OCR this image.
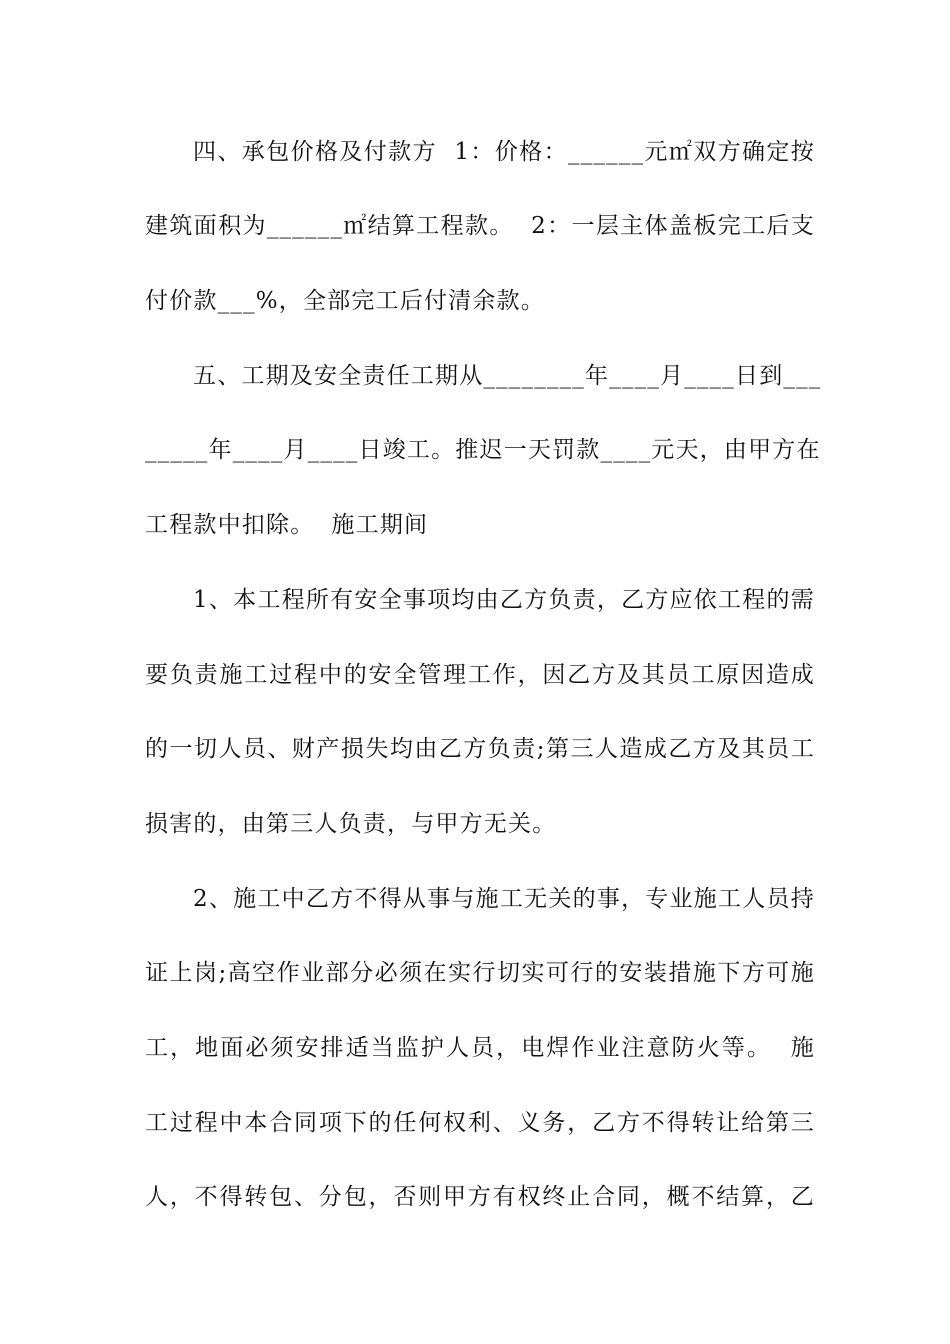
四、承包价格及付款方  1：价格：______元㎡双方确定按
建筑面积为______㎡结算工程款。  2：一层主体盖板完工后支
付价款___%，全部完工后付清余款。
五、工期及安全责任工期从________年____月____日到___
_____年____月____日竣工。推迟一天罚款____元天，由甲方在
工程款中扣除。  施工期间
1、本工程所有安全事项均由乙方负责，乙方应依工程的需
要负责施工过程中的安全管理工作，因乙方及其员工原因造成
的一切人员、财产损失均由乙方负责;第三人造成乙方及其员工
损害的，由第三人负责，与甲方无关。
2、施工中乙方不得从事与施工无关的事，专业施工人员持
证上岗;高空作业部分必须在实行切实可行的安装措施下方可施
工，地面必须安排适当监护人员，电焊作业注意防火等。  施
工过程中本合同项下的任何权利、义务，乙方不得转让给第三
人，不得转包、分包，否则甲方有权终止合同，概不结算，乙
